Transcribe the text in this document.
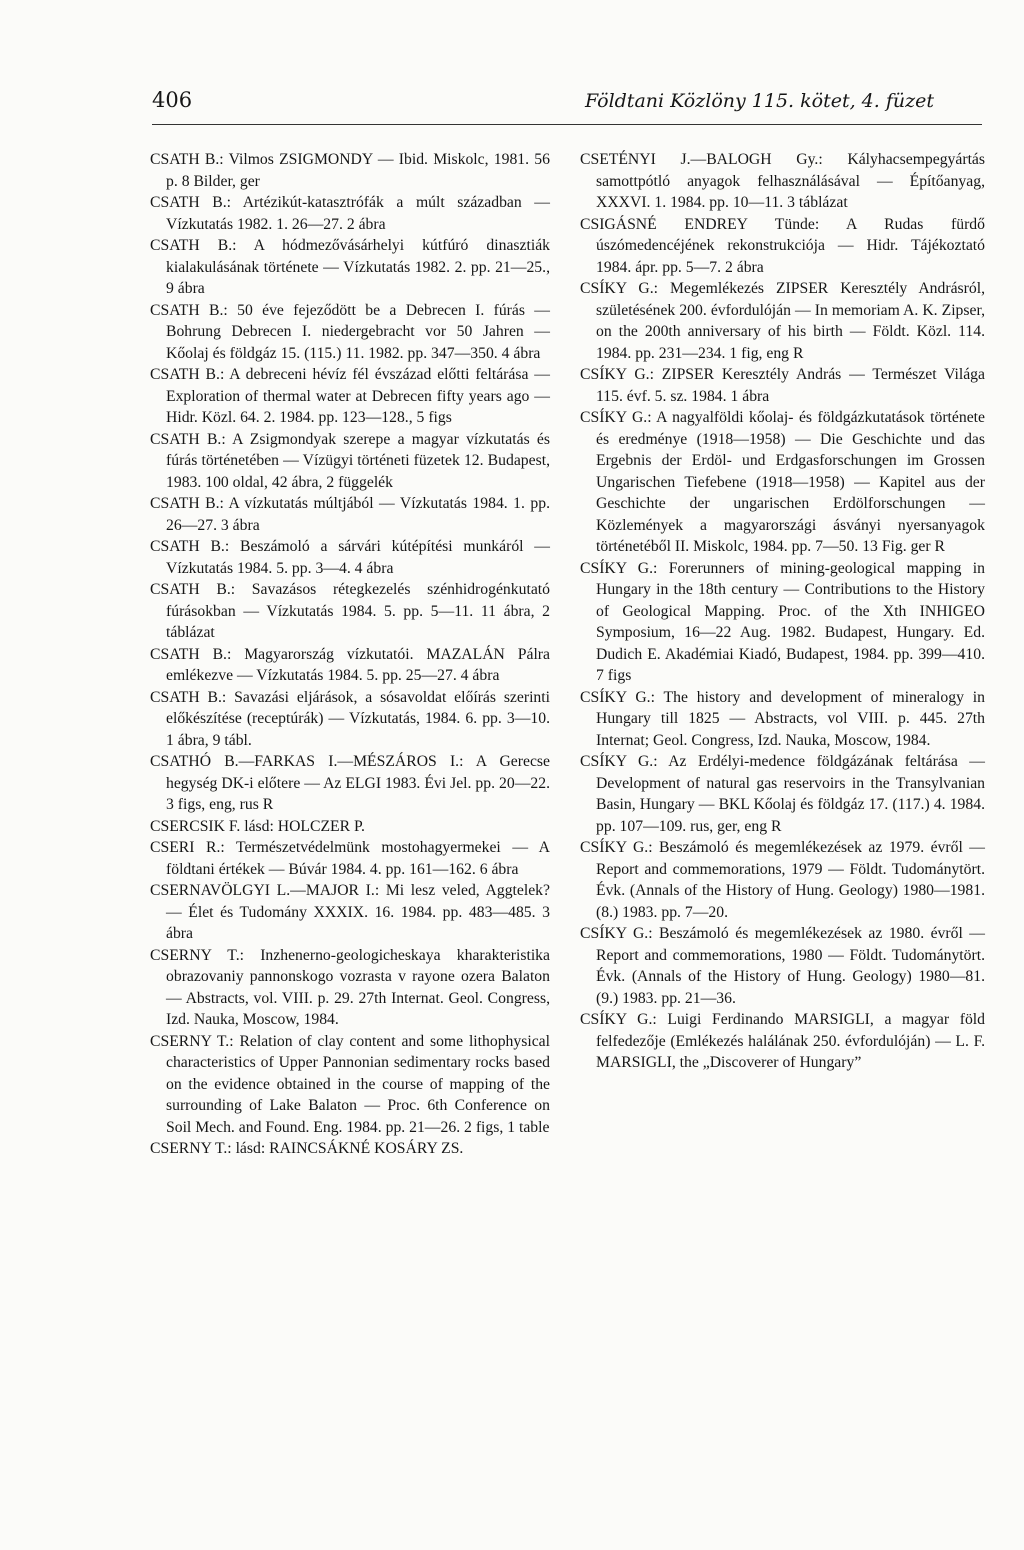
406	Földtani Közlöny 115. kötet, 4. füzet

CSATH B.: Vilmos ZSIGMONDY — Ibid. Miskolc, 1981. 56 p. 8 Bilder, ger

CSATH B.: Artézikút-katasztrófák a múlt században — Vízkutatás 1982. 1. 26—27. 2 ábra

CSATH B.: A hódmezővásárhelyi kútfúró dinasztiák kialakulásának története — Vízkutatás 1982. 2. pp. 21—25., 9 ábra

CSATH B.: 50 éve fejeződött be a Debrecen I. fúrás — Bohrung Debrecen I. niedergebracht vor 50 Jahren — Kőolaj és földgáz 15. (115.) 11. 1982. pp. 347—350. 4 ábra

CSATH B.: A debreceni hévíz fél évszázad előtti feltárása — Exploration of thermal water at Debrecen fifty years ago — Hidr. Közl. 64. 2. 1984. pp. 123—128., 5 figs

CSATH B.: A Zsigmondyak szerepe a magyar vízkutatás és fúrás történetében — Vízügyi történeti füzetek 12. Budapest, 1983. 100 oldal, 42 ábra, 2 függelék

CSATH B.: A vízkutatás múltjából — Vízkutatás 1984. 1. pp. 26—27. 3 ábra

CSATH B.: Beszámoló a sárvári kútépítési munkáról — Vízkutatás 1984. 5. pp. 3—4. 4 ábra

CSATH B.: Savazásos rétegkezelés szénhidrogénkutató fúrásokban — Vízkutatás 1984. 5. pp. 5—11. 11 ábra, 2 táblázat

CSATH B.: Magyarország vízkutatói. MAZALÁN Pálra emlékezve — Vízkutatás 1984. 5. pp. 25—27. 4 ábra

CSATH B.: Savazási eljárások, a sósavoldat előírás szerinti előkészítése (receptúrák) — Vízkutatás, 1984. 6. pp. 3—10. 1 ábra, 9 tábl.

CSATHÓ B.—FARKAS I.—MÉSZÁROS I.: A Gerecse hegység DK-i előtere — Az ELGI 1983. Évi Jel. pp. 20—22. 3 figs, eng, rus R

CSERCSIK F. lásd: HOLCZER P.

CSERI R.: Természetvédelmünk mostohagyermekei — A földtani értékek — Búvár 1984. 4. pp. 161—162. 6 ábra

CSERNAVÖLGYI L.—MAJOR I.: Mi lesz veled, Aggtelek? — Élet és Tudomány XXXIX. 16. 1984. pp. 483—485. 3 ábra

CSERNY T.: Inzhenerno-geologicheskaya kharakteristika obrazovaniy pannonskogo vozrasta v rayone ozera Balaton — Abstracts, vol. VIII. p. 29. 27th Internat. Geol. Congress, Izd. Nauka, Moscow, 1984.

CSERNY T.: Relation of clay content and some lithophysical characteristics of Upper Pannonian sedimentary rocks based on the evidence obtained in the course of mapping of the surrounding of Lake Balaton — Proc. 6th Conference on Soil Mech. and Found. Eng. 1984. pp. 21—26. 2 figs, 1 table

CSERNY T.: lásd: RAINCSÁKNÉ KOSÁRY ZS.

CSETÉNYI J.—BALOGH Gy.: Kályhacsempegyártás samottpótló anyagok felhasználásával — Építőanyag, XXXVI. 1. 1984. pp. 10—11. 3 táblázat

CSIGÁSNÉ ENDREY Tünde: A Rudas fürdő úszómedencéjének rekonstrukciója — Hidr. Tájékoztató 1984. ápr. pp. 5—7. 2 ábra

CSÍKY G.: Megemlékezés ZIPSER Keresztély Andrásról, születésének 200. évfordulóján — In memoriam A. K. Zipser, on the 200th anniversary of his birth — Földt. Közl. 114. 1984. pp. 231—234. 1 fig, eng R

CSÍKY G.: ZIPSER Keresztély András — Természet Világa 115. évf. 5. sz. 1984. 1 ábra

CSÍKY G.: A nagyalföldi kőolaj- és földgázkutatások története és eredménye (1918—1958) — Die Geschichte und das Ergebnis der Erdöl- und Erdgasforschungen im Grossen Ungarischen Tiefebene (1918—1958) — Kapitel aus der Geschichte der ungarischen Erdölforschungen — Közlemények a magyarországi ásványi nyersanyagok történetéből II. Miskolc, 1984. pp. 7—50. 13 Fig. ger R

CSÍKY G.: Forerunners of mining-geological mapping in Hungary in the 18th century — Contributions to the History of Geological Mapping. Proc. of the Xth INHIGEO Symposium, 16—22 Aug. 1982. Budapest, Hungary. Ed. Dudich E. Akadémiai Kiadó, Budapest, 1984. pp. 399—410. 7 figs

CSÍKY G.: The history and development of mineralogy in Hungary till 1825 — Abstracts, vol VIII. p. 445. 27th Internat; Geol. Congress, Izd. Nauka, Moscow, 1984.

CSÍKY G.: Az Erdélyi-medence földgázának feltárása — Development of natural gas reservoirs in the Transylvanian Basin, Hungary — BKL Kőolaj és földgáz 17. (117.) 4. 1984. pp. 107—109. rus, ger, eng R

CSÍKY G.: Beszámoló és megemlékezések az 1979. évről — Report and commemorations, 1979 — Földt. Tudománytört. Évk. (Annals of the History of Hung. Geology) 1980—1981. (8.) 1983. pp. 7—20.

CSÍKY G.: Beszámoló és megemlékezések az 1980. évről — Report and commemorations, 1980 — Földt. Tudománytört. Évk. (Annals of the History of Hung. Geology) 1980—81. (9.) 1983. pp. 21—36.

CSÍKY G.: Luigi Ferdinando MARSIGLI, a magyar föld felfedezője (Emlékezés halálának 250. évfordulóján) — L. F. MARSIGLI, the „Discoverer of Hungary”
